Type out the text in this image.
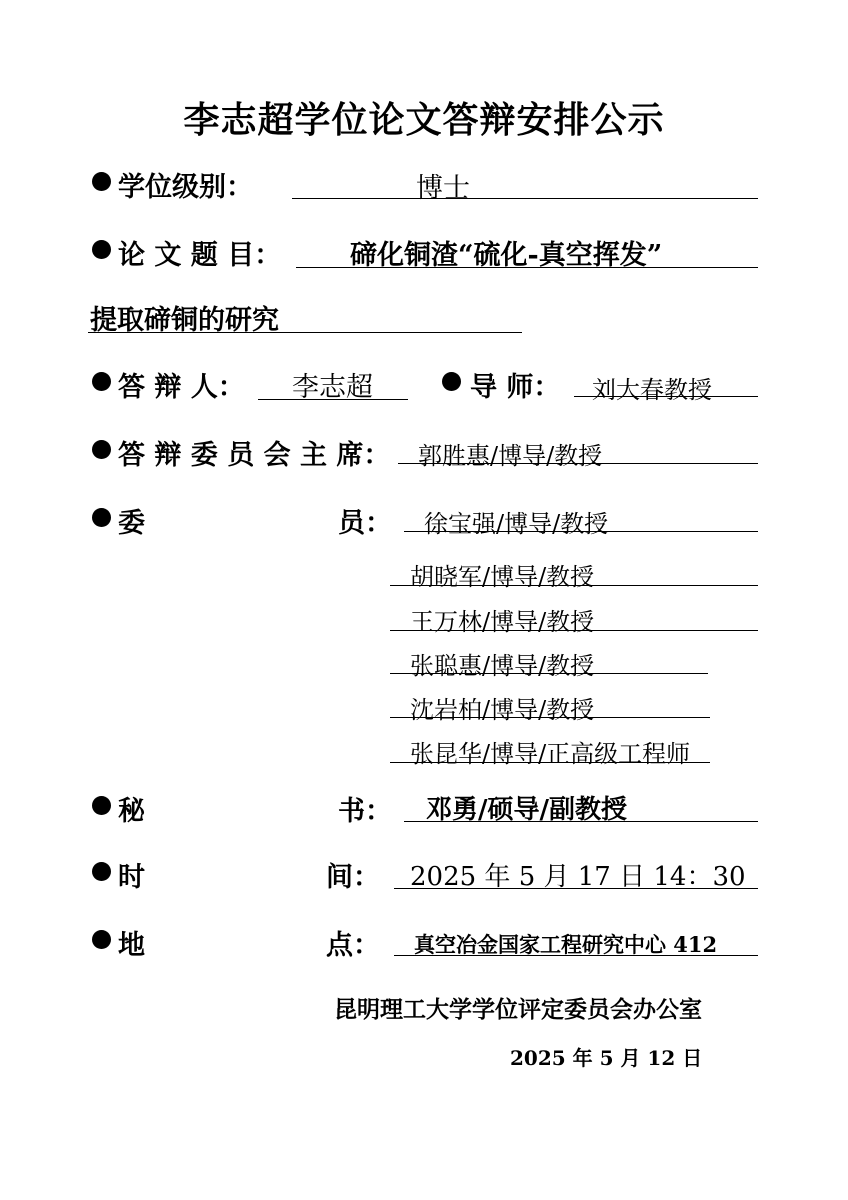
李志超学位论文答辩安排公示
学位级别：	博士
论 文 题 目：	碲化铜渣“硫化-真空挥发”
提取碲铜的研究
答 辩 人： 李志超	导 师： 刘大春教授
答 辩 委 员 会 主 席： 郭胜惠/博导/教授
委	员： 徐宝强/博导/教授
胡晓军/博导/教授
王万林/博导/教授
张聪惠/博导/教授
沈岩柏/博导/教授
张昆华/博导/正高级工程师
秘	书： 邓勇/硕导/副教授
时	间： 2025 年 5 月 17 日 14：30
地	点： 真空冶金国家工程研究中心 412
昆明理工大学学位评定委员会办公室
2025 年 5 月 12 日
